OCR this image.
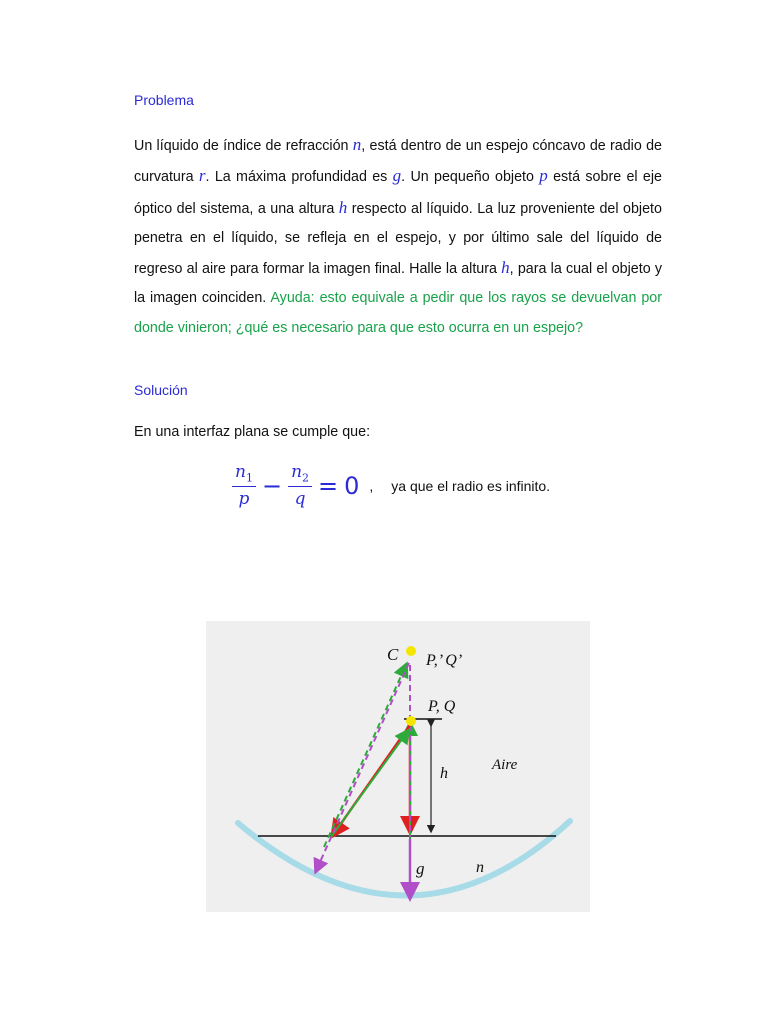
Problema
Un líquido de índice de refracción n, está dentro de un espejo cóncavo de radio de curvatura r. La máxima profundidad es g. Un pequeño objeto p está sobre el eje óptico del sistema, a una altura h respecto al líquido. La luz proveniente del objeto penetra en el líquido, se refleja en el espejo, y por último sale del líquido de regreso al aire para formar la imagen final. Halle la altura h, para la cual el objeto y la imagen coinciden. Ayuda: esto equivale a pedir que los rayos se devuelvan por donde vinieron; ¿qué es necesario para que esto ocurra en un espejo?
Solución
En una interfaz plana se cumple que:
$\frac{n_1}{p} - \frac{n_2}{q} = 0$ , ya que el radio es infinito.
C P,’ Q’
P, Q
h	Aire
g	n
